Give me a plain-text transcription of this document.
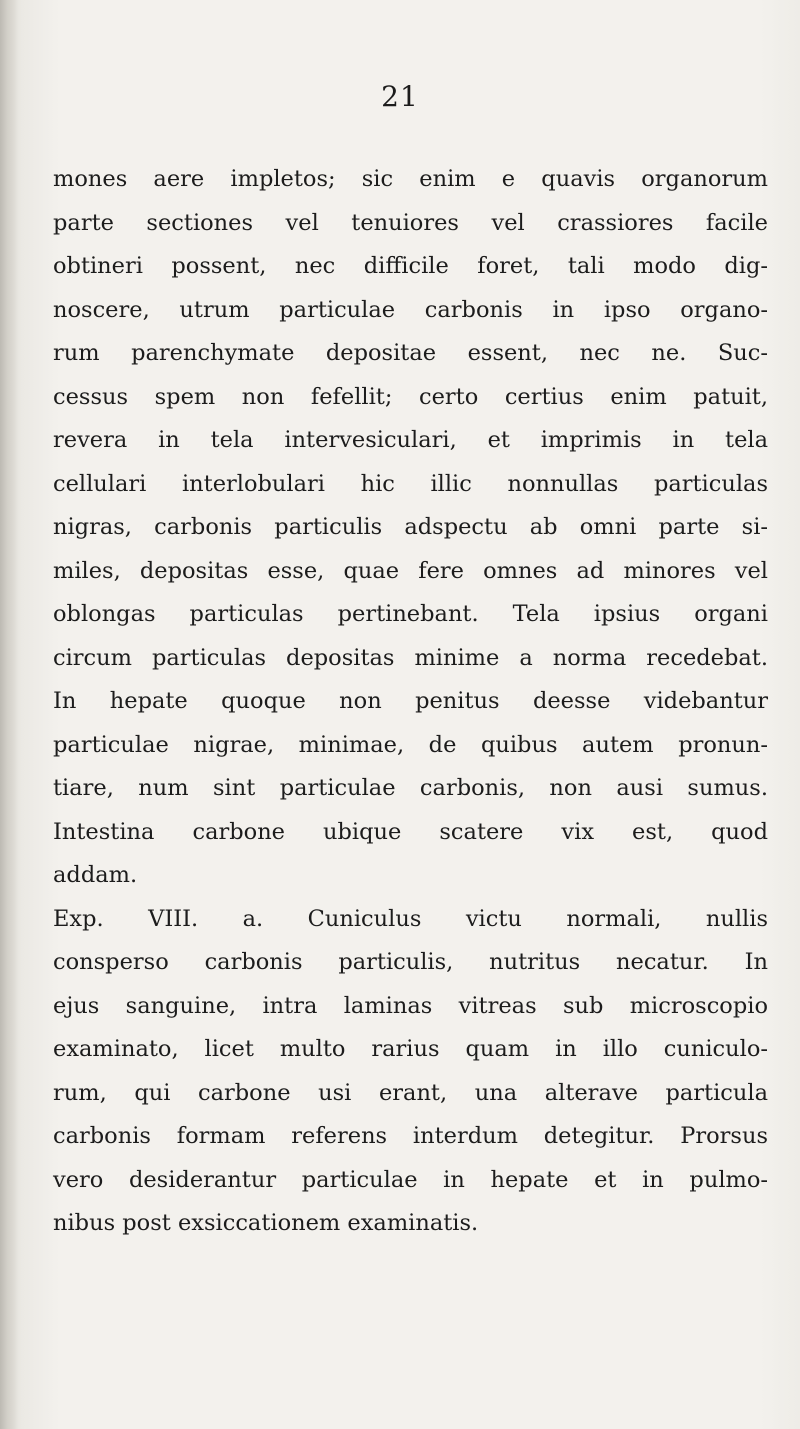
21
mones aere impletos; sic enim e quavis organorum
parte sectiones vel tenuiores vel crassiores facile
obtineri possent, nec difficile foret, tali modo dig-
noscere, utrum particulae carbonis in ipso organo-
rum parenchymate depositae essent, nec ne. Suc-
cessus spem non fefellit; certo certius enim patuit,
revera in tela intervesiculari, et imprimis in tela
cellulari interlobulari hic illic nonnullas particulas
nigras, carbonis particulis adspectu ab omni parte si-
miles, depositas esse, quae fere omnes ad minores vel
oblongas particulas pertinebant. Tela ipsius organi
circum particulas depositas minime a norma recedebat.
In hepate quoque non penitus deesse videbantur
particulae nigrae, minimae, de quibus autem pronun-
tiare, num sint particulae carbonis, non ausi sumus.
Intestina carbone ubique scatere vix est, quod
addam.
Exp. VIII. a. Cuniculus victu normali, nullis
consperso carbonis particulis, nutritus necatur. In
ejus sanguine, intra laminas vitreas sub microscopio
examinato, licet multo rarius quam in illo cuniculo-
rum, qui carbone usi erant, una alterave particula
carbonis formam referens interdum detegitur. Prorsus
vero desiderantur particulae in hepate et in pulmo-
nibus post exsiccationem examinatis.
